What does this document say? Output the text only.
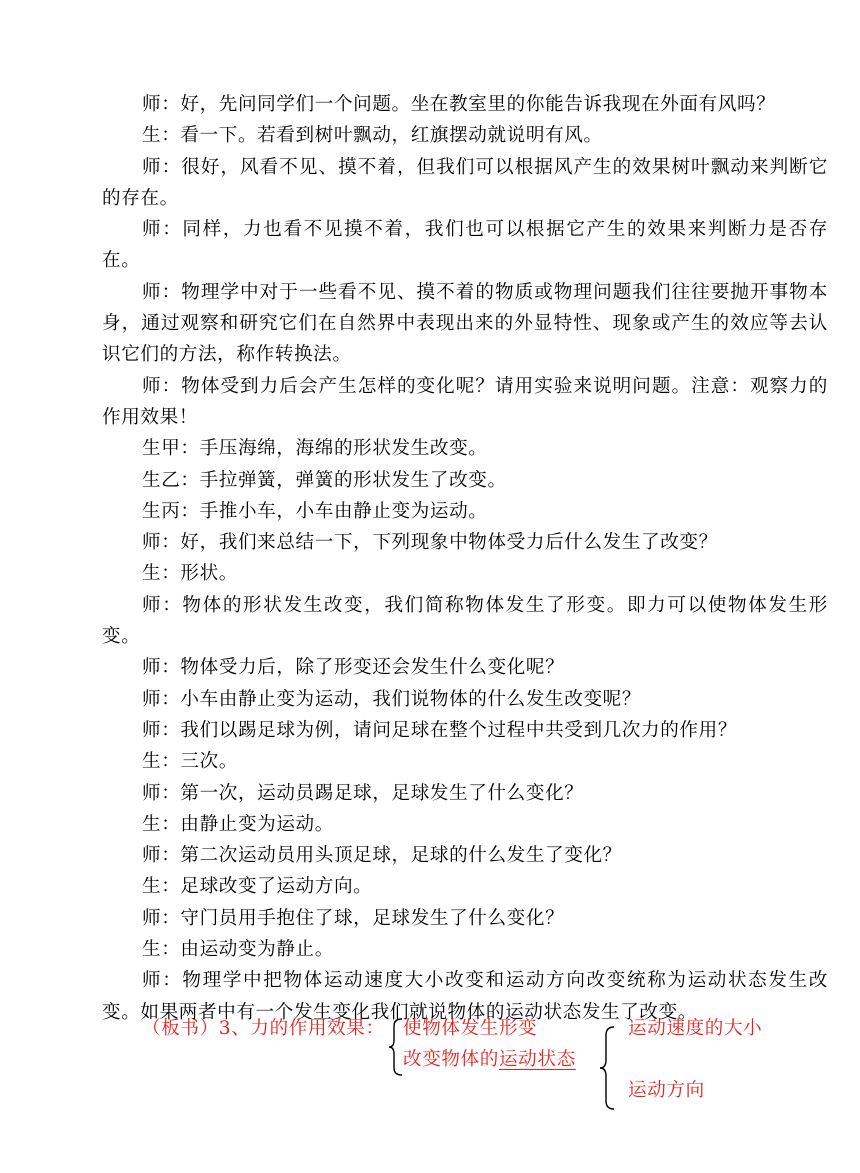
师：好，先问同学们一个问题。坐在教室里的你能告诉我现在外面有风吗？

生：看一下。若看到树叶飘动，红旗摆动就说明有风。

师：很好，风看不见、摸不着，但我们可以根据风产生的效果树叶飘动来判断它的存在。

师：同样，力也看不见摸不着，我们也可以根据它产生的效果来判断力是否存在。

师：物理学中对于一些看不见、摸不着的物质或物理问题我们往往要抛开事物本身，通过观察和研究它们在自然界中表现出来的外显特性、现象或产生的效应等去认识它们的方法，称作转换法。

师：物体受到力后会产生怎样的变化呢？请用实验来说明问题。注意：观察力的作用效果！

生甲：手压海绵，海绵的形状发生改变。

生乙：手拉弹簧，弹簧的形状发生了改变。

生丙：手推小车，小车由静止变为运动。

师：好，我们来总结一下，下列现象中物体受力后什么发生了改变？

生：形状。

师：物体的形状发生改变，我们简称物体发生了形变。即力可以使物体发生形变。

师：物体受力后，除了形变还会发生什么变化呢？

师：小车由静止变为运动，我们说物体的什么发生改变呢？

师：我们以踢足球为例，请问足球在整个过程中共受到几次力的作用？

生：三次。

师：第一次，运动员踢足球，足球发生了什么变化？

生：由静止变为运动。

师：第二次运动员用头顶足球，足球的什么发生了变化？

生：足球改变了运动方向。

师：守门员用手抱住了球，足球发生了什么变化？

生：由运动变为静止。

师：物理学中把物体运动速度大小改变和运动方向改变统称为运动状态发生改变。如果两者中有一个发生变化我们就说物体的运动状态发生了改变。

（板书）3、力的作用效果： 使物体发生形变
改变物体的运动状态
运动速度的大小
运动方向
